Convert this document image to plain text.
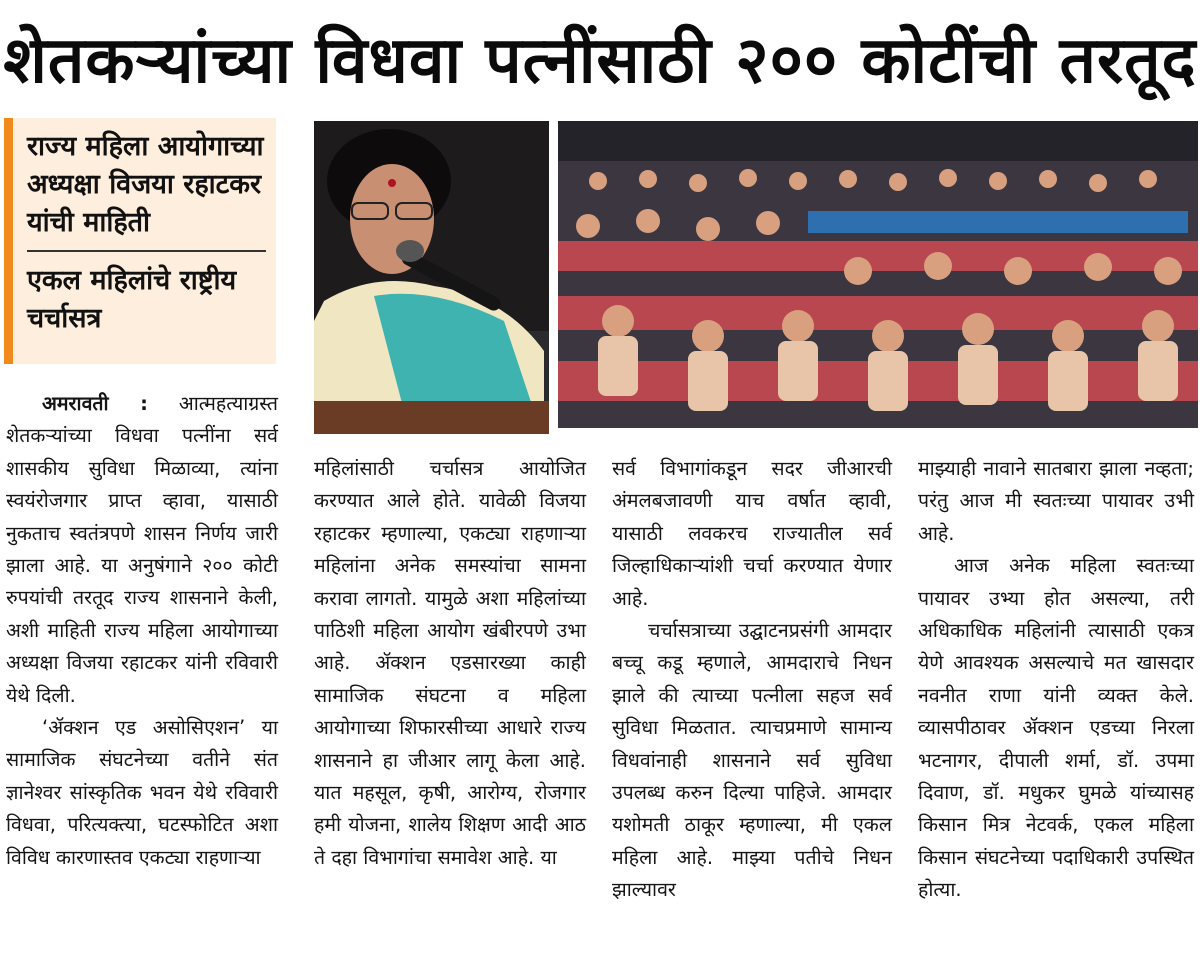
शेतकऱ्यांच्या विधवा पत्नींसाठी २०० कोटींची तरतूद
राज्य महिला आयोगाच्या अध्यक्षा विजया रहाटकर यांची माहिती
एकल महिलांचे राष्ट्रीय चर्चासत्र

अमरावती : आत्महत्याग्रस्त शेतकऱ्यांच्या विधवा पत्नींना सर्व शासकीय सुविधा मिळाव्या, त्यांना स्वयंरोजगार प्राप्त व्हावा, यासाठी नुकताच स्वतंत्रपणे शासन निर्णय जारी झाला आहे. या अनुषंगाने २०० कोटी रुपयांची तरतूद राज्य शासनाने केली, अशी माहिती राज्य महिला आयोगाच्या अध्यक्षा विजया रहाटकर यांनी रविवारी येथे दिली.

‘ॲक्शन एड असोसिएशन’ या सामाजिक संघटनेच्या वतीने संत ज्ञानेश्वर सांस्कृतिक भवन येथे रविवारी विधवा, परित्यक्त्या, घटस्फोटित अशा विविध कारणास्तव एकट्या राहणाऱ्या

महिलांसाठी चर्चासत्र आयोजित करण्यात आले होते. यावेळी विजया रहाटकर म्हणाल्या, एकट्या राहणाऱ्या महिलांना अनेक समस्यांचा सामना करावा लागतो. यामुळे अशा महिलांच्या पाठिशी महिला आयोग खंबीरपणे उभा आहे. ॲक्शन एडसारख्या काही सामाजिक संघटना व महिला आयोगाच्या शिफारसीच्या आधारे राज्य शासनाने हा जीआर लागू केला आहे. यात महसूल, कृषी, आरोग्य, रोजगार हमी योजना, शालेय शिक्षण आदी आठ ते दहा विभागांचा समावेश आहे. या

सर्व विभागांकडून सदर जीआरची अंमलबजावणी याच वर्षात व्हावी, यासाठी लवकरच राज्यातील सर्व जिल्हाधिकाऱ्यांशी चर्चा करण्यात येणार आहे.

चर्चासत्राच्या उद्घाटनप्रसंगी आमदार बच्चू कडू म्हणाले, आमदाराचे निधन झाले की त्याच्या पत्नीला सहज सर्व सुविधा मिळतात. त्याचप्रमाणे सामान्य विधवांनाही शासनाने सर्व सुविधा उपलब्ध करुन दिल्या पाहिजे. आमदार यशोमती ठाकूर म्हणाल्या, मी एकल महिला आहे. माझ्या पतीचे निधन झाल्यावर

माझ्याही नावाने सातबारा झाला नव्हता; परंतु आज मी स्वतःच्या पायावर उभी आहे.

आज अनेक महिला स्वतःच्या पायावर उभ्या होत असल्या, तरी अधिकाधिक महिलांनी त्यासाठी एकत्र येणे आवश्यक असल्याचे मत खासदार नवनीत राणा यांनी व्यक्त केले. व्यासपीठावर ॲक्शन एडच्या निरला भटनागर, दीपाली शर्मा, डॉ. उपमा दिवाण, डॉ. मधुकर घुमळे यांच्यासह किसान मित्र नेटवर्क, एकल महिला किसान संघटनेच्या पदाधिकारी उपस्थित होत्या.
